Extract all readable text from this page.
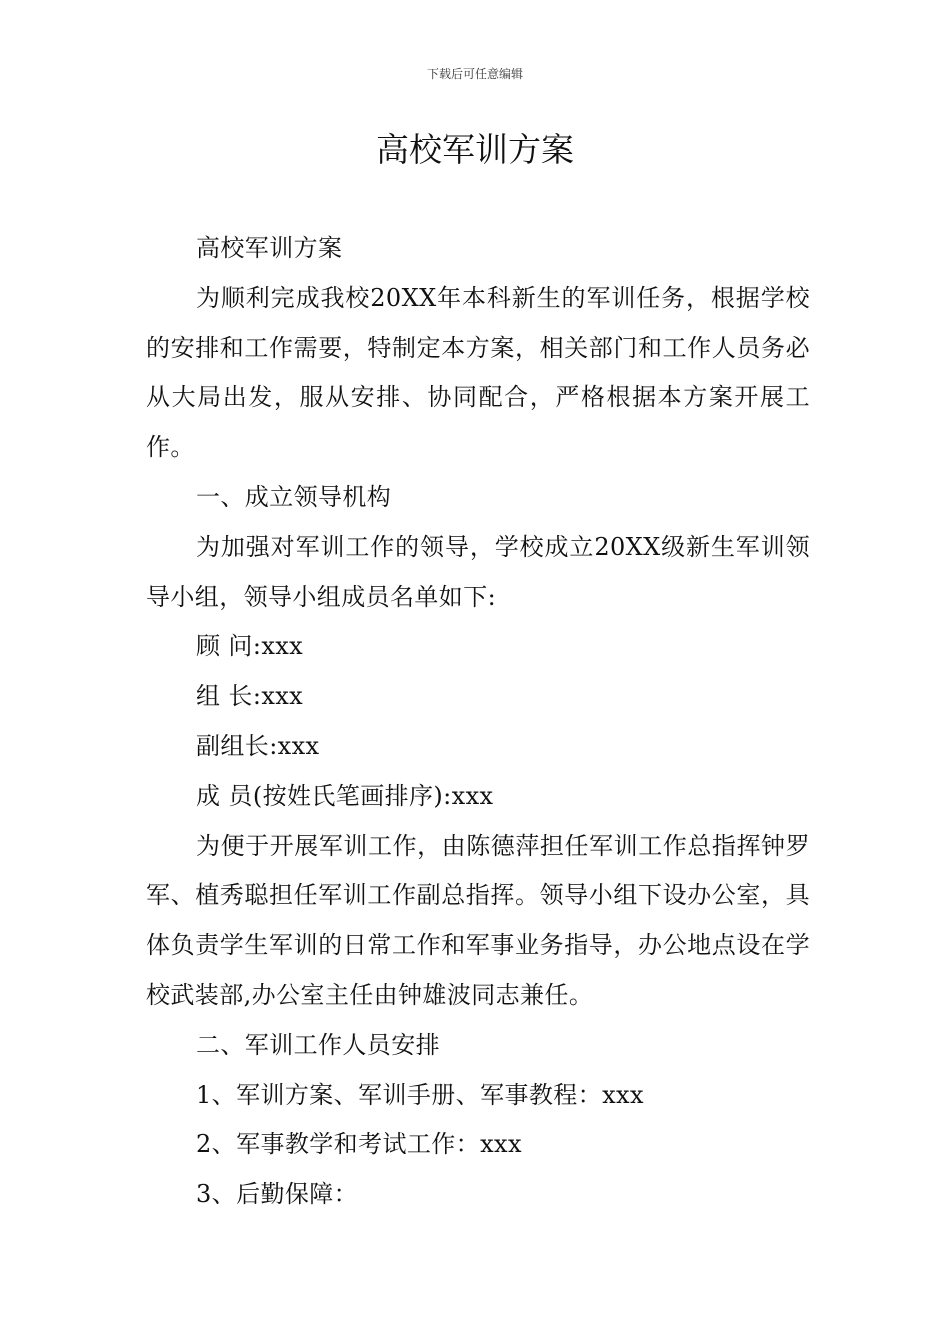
下载后可任意编辑
高校军训方案

高校军训方案

为顺利完成我校20XX年本科新生的军训任务，根据学校的安排和工作需要，特制定本方案，相关部门和工作人员务必从大局出发，服从安排、协同配合，严格根据本方案开展工作。

一、成立领导机构

为加强对军训工作的领导，学校成立20XX级新生军训领导小组，领导小组成员名单如下:

顾 问:xxx

组 长:xxx

副组长:xxx

成 员(按姓氏笔画排序):xxx

为便于开展军训工作，由陈德萍担任军训工作总指挥钟罗军、植秀聪担任军训工作副总指挥。领导小组下设办公室，具体负责学生军训的日常工作和军事业务指导，办公地点设在学校武装部,办公室主任由钟雄波同志兼任。

二、军训工作人员安排

1、军训方案、军训手册、军事教程：xxx

2、军事教学和考试工作：xxx

3、后勤保障：
